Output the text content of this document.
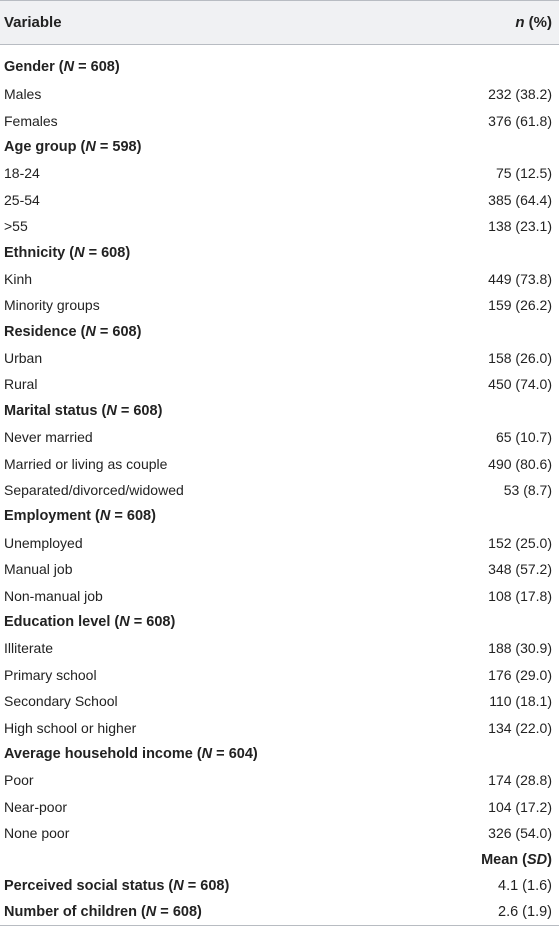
Variable	n (%)
Gender (N = 608)	
Males	232 (38.2)
Females	376 (61.8)
Age group (N = 598)	
18-24	75 (12.5)
25-54	385 (64.4)
>55	138 (23.1)
Ethnicity (N = 608)	
Kinh	449 (73.8)
Minority groups	159 (26.2)
Residence (N = 608)	
Urban	158 (26.0)
Rural	450 (74.0)
Marital status (N = 608)	
Never married	65 (10.7)
Married or living as couple	490 (80.6)
Separated/divorced/widowed	53 (8.7)
Employment (N = 608)	
Unemployed	152 (25.0)
Manual job	348 (57.2)
Non-manual job	108 (17.8)
Education level (N = 608)	
Illiterate	188 (30.9)
Primary school	176 (29.0)
Secondary School	110 (18.1)
High school or higher	134 (22.0)
Average household income (N = 604)	
Poor	174 (28.8)
Near-poor	104 (17.2)
None poor	326 (54.0)
	Mean (SD)
Perceived social status (N = 608)	4.1 (1.6)
Number of children (N = 608)	2.6 (1.9)
